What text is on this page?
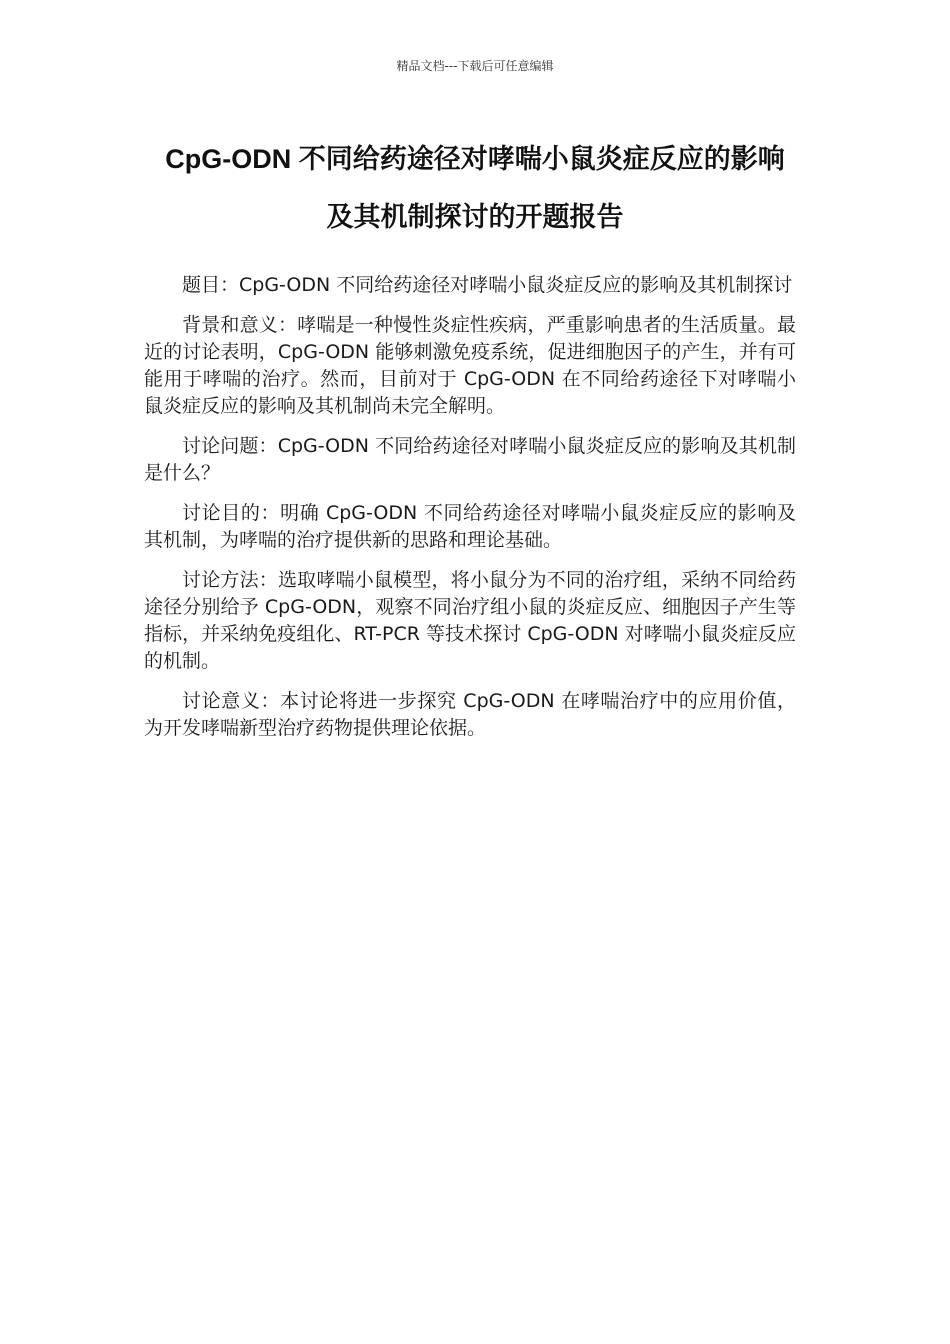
精品文档---下载后可任意编辑
CpG-ODN 不同给药途径对哮喘小鼠炎症反应的影响
及其机制探讨的开题报告

题目：CpG-ODN 不同给药途径对哮喘小鼠炎症反应的影响及其机制探讨

背景和意义：哮喘是一种慢性炎症性疾病，严重影响患者的生活质量。最近的讨论表明，CpG-ODN 能够刺激免疫系统，促进细胞因子的产生，并有可能用于哮喘的治疗。然而，目前对于 CpG-ODN 在不同给药途径下对哮喘小鼠炎症反应的影响及其机制尚未完全解明。

讨论问题：CpG-ODN 不同给药途径对哮喘小鼠炎症反应的影响及其机制是什么？

讨论目的：明确 CpG-ODN 不同给药途径对哮喘小鼠炎症反应的影响及其机制，为哮喘的治疗提供新的思路和理论基础。

讨论方法：选取哮喘小鼠模型，将小鼠分为不同的治疗组，采纳不同给药途径分别给予 CpG-ODN，观察不同治疗组小鼠的炎症反应、细胞因子产生等指标，并采纳免疫组化、RT-PCR 等技术探讨 CpG-ODN 对哮喘小鼠炎症反应的机制。

讨论意义：本讨论将进一步探究 CpG-ODN 在哮喘治疗中的应用价值，为开发哮喘新型治疗药物提供理论依据。
